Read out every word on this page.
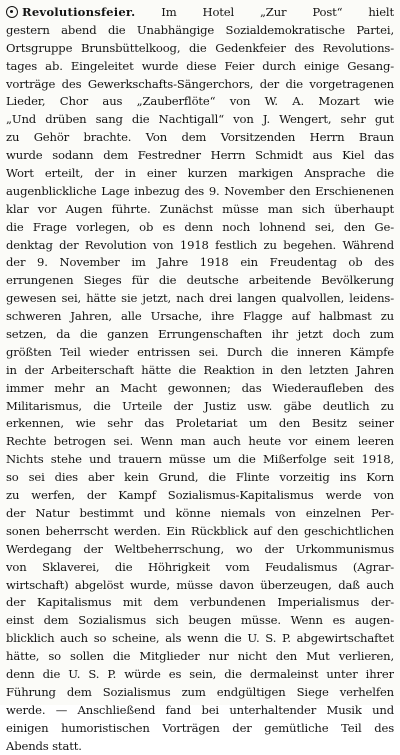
Revolutionsfeier. Im Hotel „Zur Post“ hielt
gestern abend die Unabhängige Sozialdemokratische Partei,
Ortsgruppe Brunsbüttelkoog, die Gedenkfeier des Revolutions-
tages ab. Eingeleitet wurde diese Feier durch einige Gesang-
vorträge des Gewerkschafts-Sängerchors, der die vorgetragenen
Lieder, Chor aus „Zauberflöte“ von W. A. Mozart wie
„Und drüben sang die Nachtigall“ von J. Wengert, sehr gut
zu Gehör brachte. Von dem Vorsitzenden Herrn Braun
wurde sodann dem Festredner Herrn Schmidt aus Kiel das
Wort erteilt, der in einer kurzen markigen Ansprache die
augenblickliche Lage inbezug des 9. November den Erschienenen
klar vor Augen führte. Zunächst müsse man sich überhaupt
die Frage vorlegen, ob es denn noch lohnend sei, den Ge-
denktag der Revolution von 1918 festlich zu begehen. Während
der 9. November im Jahre 1918 ein Freudentag ob des
errungenen Sieges für die deutsche arbeitende Bevölkerung
gewesen sei, hätte sie jetzt, nach drei langen qualvollen, leidens-
schweren Jahren, alle Ursache, ihre Flagge auf halbmast zu
setzen, da die ganzen Errungenschaften ihr jetzt doch zum
größten Teil wieder entrissen sei. Durch die inneren Kämpfe
in der Arbeiterschaft hätte die Reaktion in den letzten Jahren
immer mehr an Macht gewonnen; das Wiederaufleben des
Militarismus, die Urteile der Justiz usw. gäbe deutlich zu
erkennen, wie sehr das Proletariat um den Besitz seiner
Rechte betrogen sei. Wenn man auch heute vor einem leeren
Nichts stehe und trauern müsse um die Mißerfolge seit 1918,
so sei dies aber kein Grund, die Flinte vorzeitig ins Korn
zu werfen, der Kampf Sozialismus-Kapitalismus werde von
der Natur bestimmt und könne niemals von einzelnen Per-
sonen beherrscht werden. Ein Rückblick auf den geschichtlichen
Werdegang der Weltbeherrschung, wo der Urkommunismus
von Sklaverei, die Höhrigkeit vom Feudalismus (Agrar-
wirtschaft) abgelöst wurde, müsse davon überzeugen, daß auch
der Kapitalismus mit dem verbundenen Imperialismus der-
einst dem Sozialismus sich beugen müsse. Wenn es augen-
blicklich auch so scheine, als wenn die U. S. P. abgewirtschaftet
hätte, so sollen die Mitglieder nur nicht den Mut verlieren,
denn die U. S. P. würde es sein, die dermaleinst unter ihrer
Führung dem Sozialismus zum endgültigen Siege verhelfen
werde. — Anschließend fand bei unterhaltender Musik und
einigen humoristischen Vorträgen der gemütliche Teil des
Abends statt.
